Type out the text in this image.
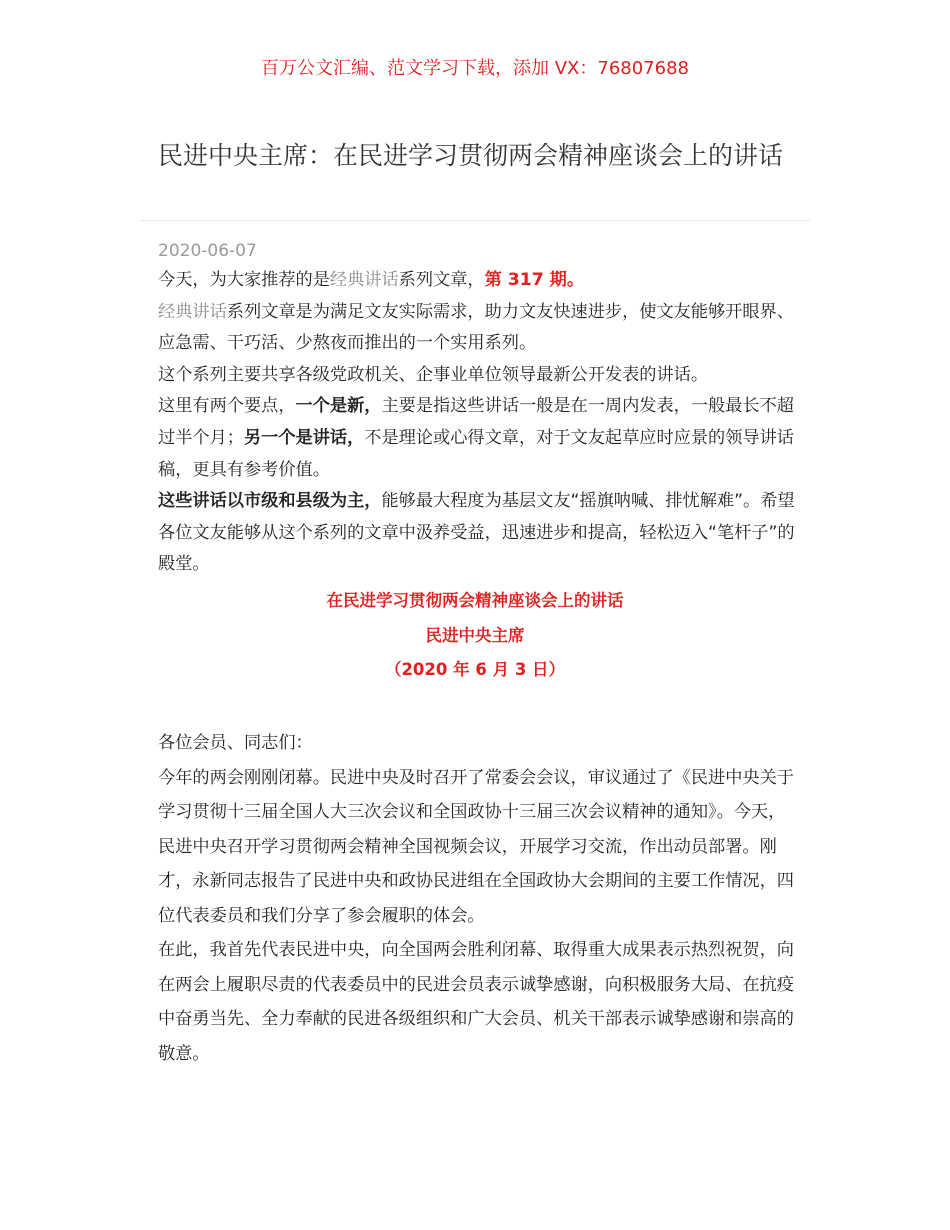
百万公文汇编、范文学习下载，添加 VX：76807688
民进中央主席：在民进学习贯彻两会精神座谈会上的讲话
2020-06-07

今天，为大家推荐的是经典讲话系列文章，第 317 期。

经典讲话系列文章是为满足文友实际需求，助力文友快速进步，使文友能够开眼界、应急需、干巧活、少熬夜而推出的一个实用系列。

这个系列主要共享各级党政机关、企事业单位领导最新公开发表的讲话。

这里有两个要点，一个是新，主要是指这些讲话一般是在一周内发表，一般最长不超过半个月；另一个是讲话，不是理论或心得文章，对于文友起草应时应景的领导讲话稿，更具有参考价值。

这些讲话以市级和县级为主，能够最大程度为基层文友“摇旗呐喊、排忧解难”。希望各位文友能够从这个系列的文章中汲养受益，迅速进步和提高，轻松迈入“笔杆子”的殿堂。

在民进学习贯彻两会精神座谈会上的讲话
民进中央主席
（2020 年 6 月 3 日）

各位会员、同志们：

今年的两会刚刚闭幕。民进中央及时召开了常委会会议，审议通过了《民进中央关于学习贯彻十三届全国人大三次会议和全国政协十三届三次会议精神的通知》。今天，民进中央召开学习贯彻两会精神全国视频会议，开展学习交流，作出动员部署。刚才，永新同志报告了民进中央和政协民进组在全国政协大会期间的主要工作情况，四位代表委员和我们分享了参会履职的体会。

在此，我首先代表民进中央，向全国两会胜利闭幕、取得重大成果表示热烈祝贺，向在两会上履职尽责的代表委员中的民进会员表示诚挚感谢，向积极服务大局、在抗疫中奋勇当先、全力奉献的民进各级组织和广大会员、机关干部表示诚挚感谢和崇高的敬意。
